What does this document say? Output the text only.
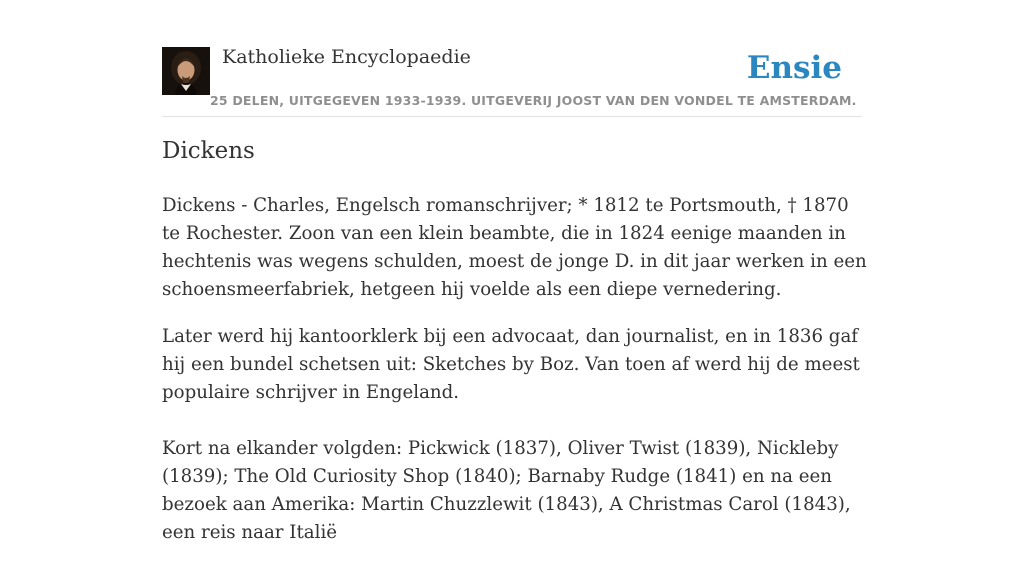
Katholieke Encyclopaedie
25 DELEN, UITGEGEVEN 1933-1939. UITGEVERIJ JOOST VAN DEN VONDEL TE AMSTERDAM.
Ensie
Dickens

Dickens - Charles, Engelsch romanschrijver; * 1812 te Portsmouth, † 1870 te Rochester. Zoon van een klein beambte, die in 1824 eenige maanden in hechtenis was wegens schulden, moest de jonge D. in dit jaar werken in een schoensmeerfabriek, hetgeen hij voelde als een diepe vernedering.

Later werd hij kantoorklerk bij een advocaat, dan journalist, en in 1836 gaf hij een bundel schetsen uit: Sketches by Boz. Van toen af werd hij de meest populaire schrijver in Engeland.

Kort na elkander volgden: Pickwick (1837), Oliver Twist (1839), Nickleby (1839); The Old Curiosity Shop (1840); Barnaby Rudge (1841) en na een bezoek aan Amerika: Martin Chuzzlewit (1843), A Christmas Carol (1843), een reis naar Italië
